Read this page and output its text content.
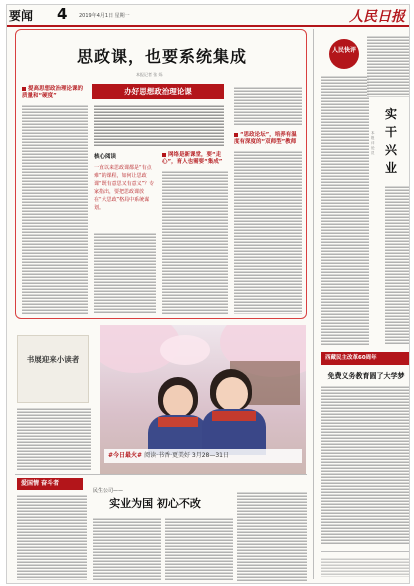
要闻 4 2019年4月1日 星期一	人民日报
思政课，也要系统集成
本报记者 张 烁
办好思想政治理论课
提高思想政治理论课的质量和“硬度”
核心阅读
一直以来思政课都是“有点难”的课程，如何让思政课“既有意思又有意义”？专家指出，要把思政课放在“大思政”格局中系统谋划。
网络是新课堂，要“走心”，育人也需要“集成”
“思政论坛”，培养有温度有深度的“双师型”教师
人民快评
实干兴业
本报评论员
西藏民主改革60周年
免费义务教育圆了大学梦
书展迎来小读者
#今日最火# 阅读·书香·更美好 3月28—31日
爱国情 奋斗者
民生公司——
实业为国 初心不改
